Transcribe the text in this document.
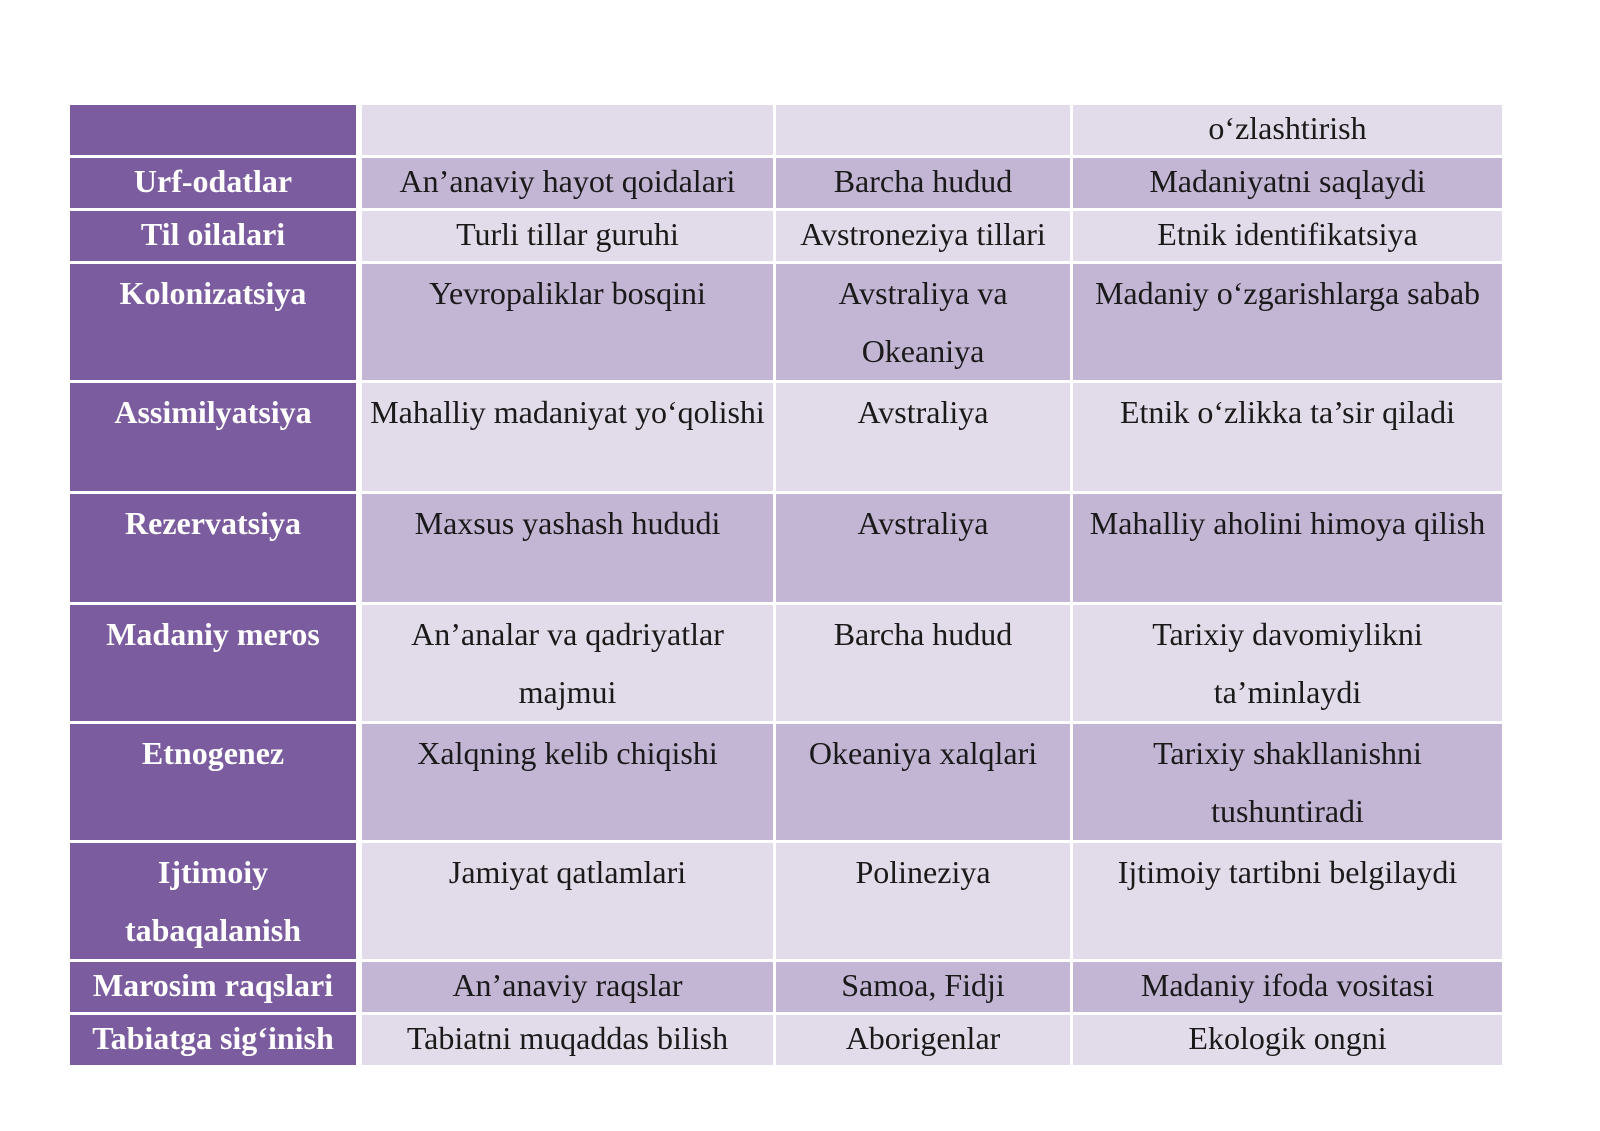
			o‘zlashtirish
Urf-odatlar	An’anaviy hayot qoidalari	Barcha hudud	Madaniyatni saqlaydi
Til oilalari	Turli tillar guruhi	Avstroneziya tillari	Etnik identifikatsiya
Kolonizatsiya	Yevropaliklar bosqini	Avstraliya va Okeaniya	Madaniy o‘zgarishlarga sabab
Assimilyatsiya	Mahalliy madaniyat yo‘qolishi	Avstraliya	Etnik o‘zlikka ta’sir qiladi
Rezervatsiya	Maxsus yashash hududi	Avstraliya	Mahalliy aholini himoya qilish
Madaniy meros	An’analar va qadriyatlar majmui	Barcha hudud	Tarixiy davomiylikni ta’minlaydi
Etnogenez	Xalqning kelib chiqishi	Okeaniya xalqlari	Tarixiy shakllanishni tushuntiradi
Ijtimoiy tabaqalanish	Jamiyat qatlamlari	Polineziya	Ijtimoiy tartibni belgilaydi
Marosim raqslari	An’anaviy raqslar	Samoa, Fidji	Madaniy ifoda vositasi
Tabiatga sig‘inish	Tabiatni muqaddas bilish	Aborigenlar	Ekologik ongni
